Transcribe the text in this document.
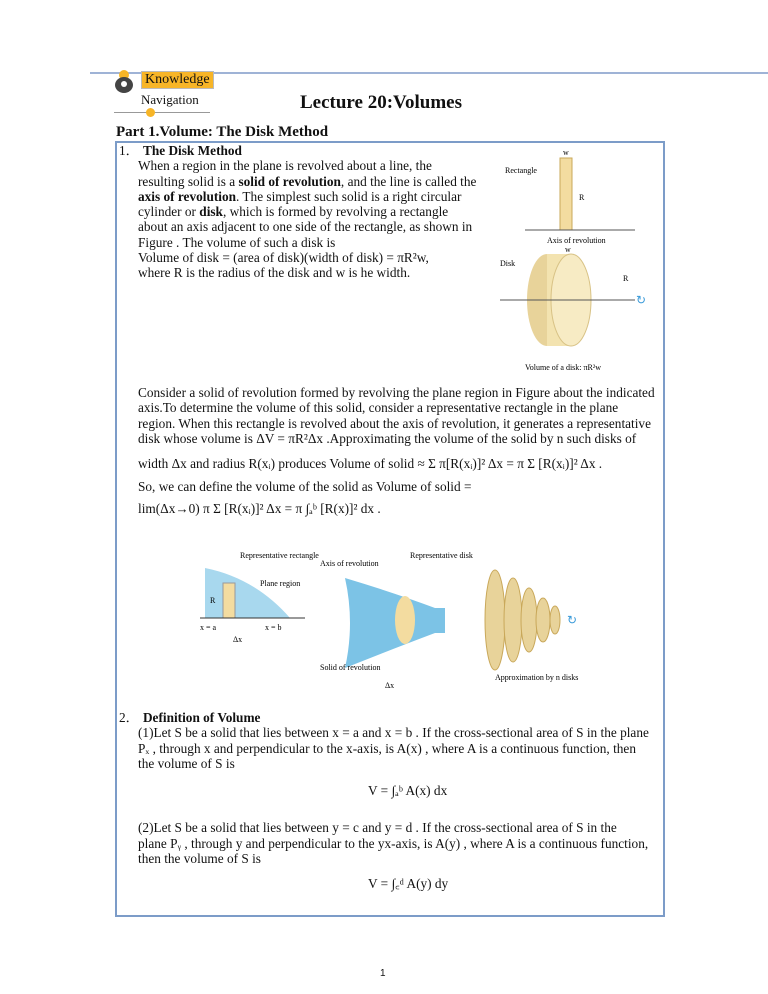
Knowledge
Navigation	Lecture 20:Volumes
Part 1.Volume: The Disk Method
1． The Disk Method
When a region in the plane is revolved about a line, the
resulting solid is a solid of revolution, and the line is called the
axis of revolution. The simplest such solid is a right circular
cylinder or disk, which is formed by revolving a rectangle
about an axis adjacent to one side of the rectangle, as shown in
Figure . The volume of such a disk is
Volume of disk = (area of disk)(width of disk) = πR²w,
where R is the radius of the disk and w is he width.
Rectangle
w
R
Axis of revolution
w
Disk
R
↻
Volume of a disk: πR²w
Consider a solid of revolution formed by revolving the plane region in Figure about the indicated
axis.To determine the volume of this solid, consider a representative rectangle in the plane
region. When this rectangle is revolved about the axis of revolution, it generates a representative
disk whose volume is ΔV = πR²Δx .Approximating the volume of the solid by n such disks of
width Δx and radius R(xᵢ) produces Volume of solid ≈ Σ π[R(xᵢ)]² Δx = π Σ [R(xᵢ)]² Δx .
So, we can define the volume of the solid as Volume of solid =
lim(Δx→0) π Σ [R(xᵢ)]² Δx = π ∫ₐᵇ [R(x)]² dx .
Representative rectangle
Plane region
R
x = a	x = b
Δx
Axis of revolution
Representative disk
↻
Solid of revolution
Δx
Approximation by n disks
2． Definition of Volume
(1)Let S be a solid that lies between x = a and x = b . If the cross-sectional area of S in the plane
Pₓ , through x and perpendicular to the x-axis, is A(x) , where A is a continuous function, then
the volume of S is
V = ∫ₐᵇ A(x) dx
(2)Let S be a solid that lies between y = c and y = d . If the cross-sectional area of S in the
plane Pᵧ , through y and perpendicular to the yx-axis, is A(y) , where A is a continuous function,
then the volume of S is
V = ∫꜀ᵈ A(y) dy
1
